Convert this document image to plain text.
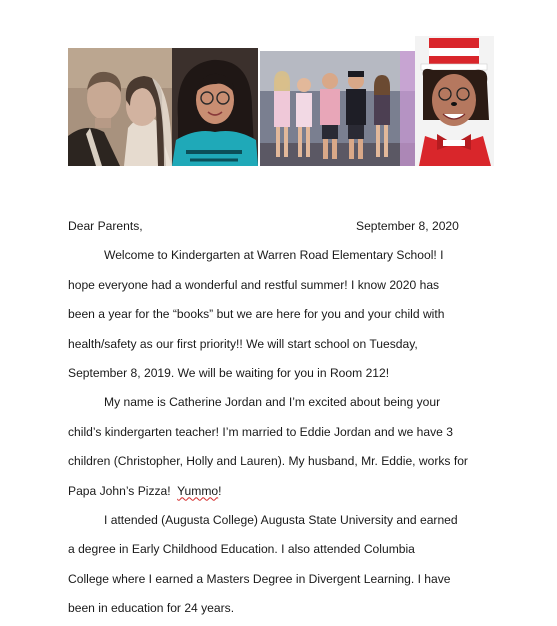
Dear Parents,	September 8, 2020
Welcome to Kindergarten at Warren Road Elementary School! I
hope everyone had a wonderful and restful summer! I know 2020 has
been a year for the “books” but we are here for you and your child with
health/safety as our first priority!! We will start school on Tuesday,
September 8, 2019. We will be waiting for you in Room 212!
My name is Catherine Jordan and I’m excited about being your
child’s kindergarten teacher! I’m married to Eddie Jordan and we have 3
children (Christopher, Holly and Lauren). My husband, Mr. Eddie, works for
Papa John’s Pizza!  Yummo!
I attended (Augusta College) Augusta State University and earned
a degree in Early Childhood Education. I also attended Columbia
College where I earned a Masters Degree in Divergent Learning. I have
been in education for 24 years.
